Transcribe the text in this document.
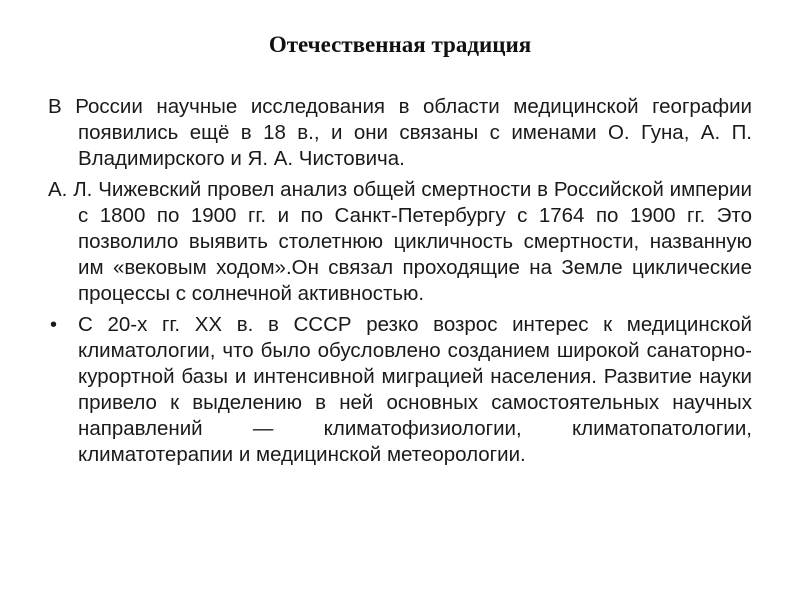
Отечественная традиция

В России научные исследования в области медицинской географии появились ещё в 18 в., и они связаны с именами О. Гуна, А. П. Владимирского и Я. А. Чистовича.

А. Л. Чижевский провел анализ общей смертности в Российской империи с 1800 по 1900 гг. и по Санкт-Петербургу с 1764 по 1900 гг. Это позволило выявить столетнюю цикличность смертности, названную им «вековым ходом».Он связал проходящие на Земле циклические процессы с солнечной активностью.

•	С 20-х гг. XX в. в СССР резко возрос интерес к медицинской климатологии, что было обусловлено созданием широкой санаторно-курортной базы и интенсивной миграцией населения. Развитие науки привело к выделению в ней основных самостоятельных научных направлений — климатофизиологии, климатопатологии, климатотерапии и медицинской метеорологии.
